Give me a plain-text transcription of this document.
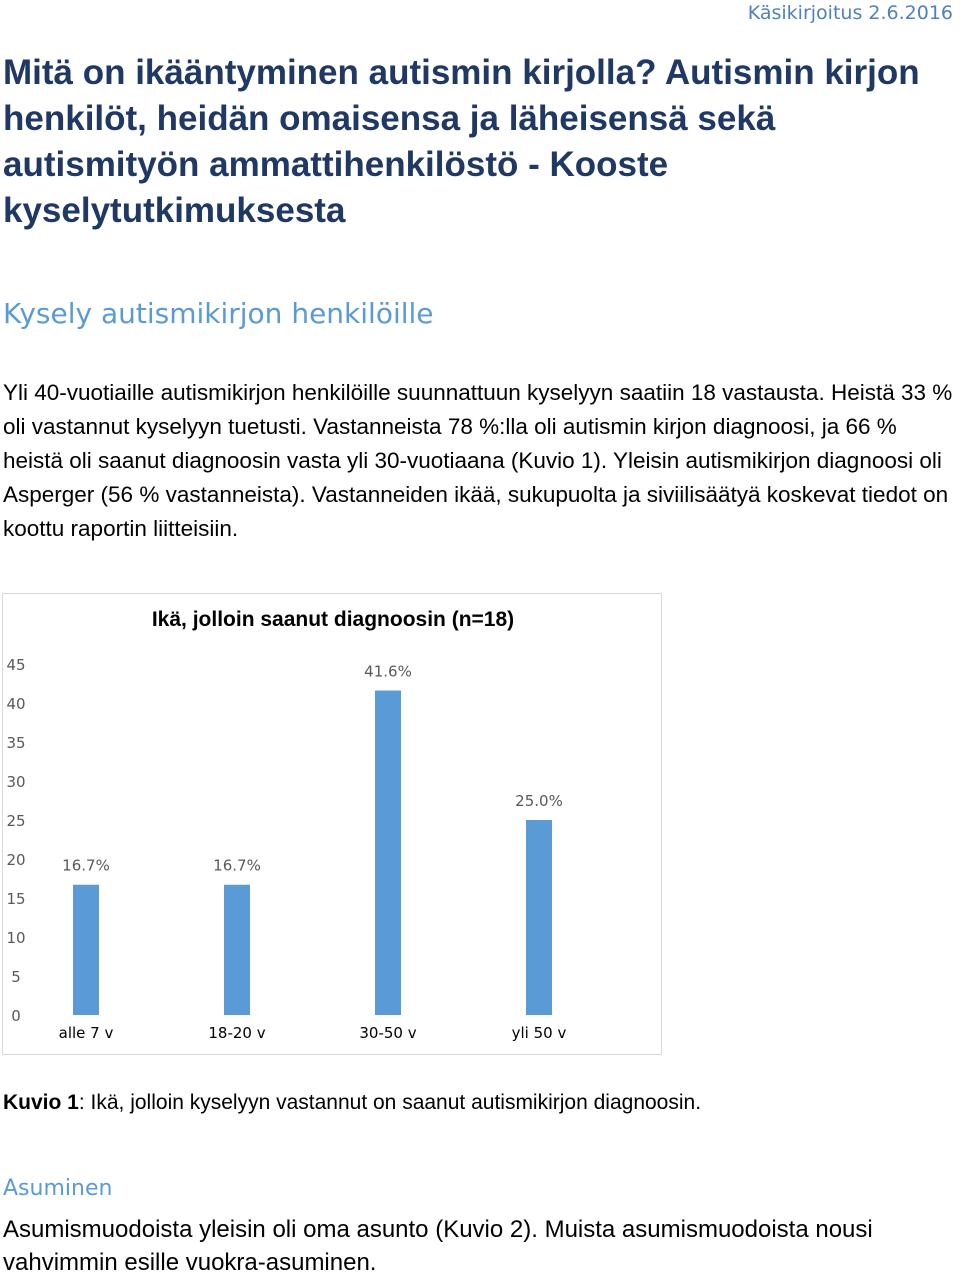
Käsikirjoitus 2.6.2016

Mitä on ikääntyminen autismin kirjolla? Autismin kirjon henkilöt, heidän omaisensa ja läheisensä sekä autismityön ammattihenkilöstö - Kooste kyselytutkimuksesta
Kysely autismikirjon henkilöille

Yli 40-vuotiaille autismikirjon henkilöille suunnattuun kyselyyn saatiin 18 vastausta. Heistä 33 % oli vastannut kyselyyn tuetusti. Vastanneista 78 %:lla oli autismin kirjon diagnoosi, ja 66 % heistä oli saanut diagnoosin vasta yli 30-vuotiaana (Kuvio 1). Yleisin autismikirjon diagnoosi oli Asperger (56 % vastanneista). Vastanneiden ikää, sukupuolta ja siviilisäätyä koskevat tiedot on koottu raportin liitteisiin.

Ikä, jolloin saanut diagnoosin (n=18)
0
5
10
15
20
25
30
35
40
45
16.7%	16.7%
41.6%
25.0%
alle 7 v	18-20 v	30-50 v	yli 50 v

Kuvio 1: Ikä, jolloin kyselyyn vastannut on saanut autismikirjon diagnoosin.

Asuminen

Asumismuodoista yleisin oli oma asunto (Kuvio 2). Muista asumismuodoista nousi vahvimmin esille vuokra-asuminen.
